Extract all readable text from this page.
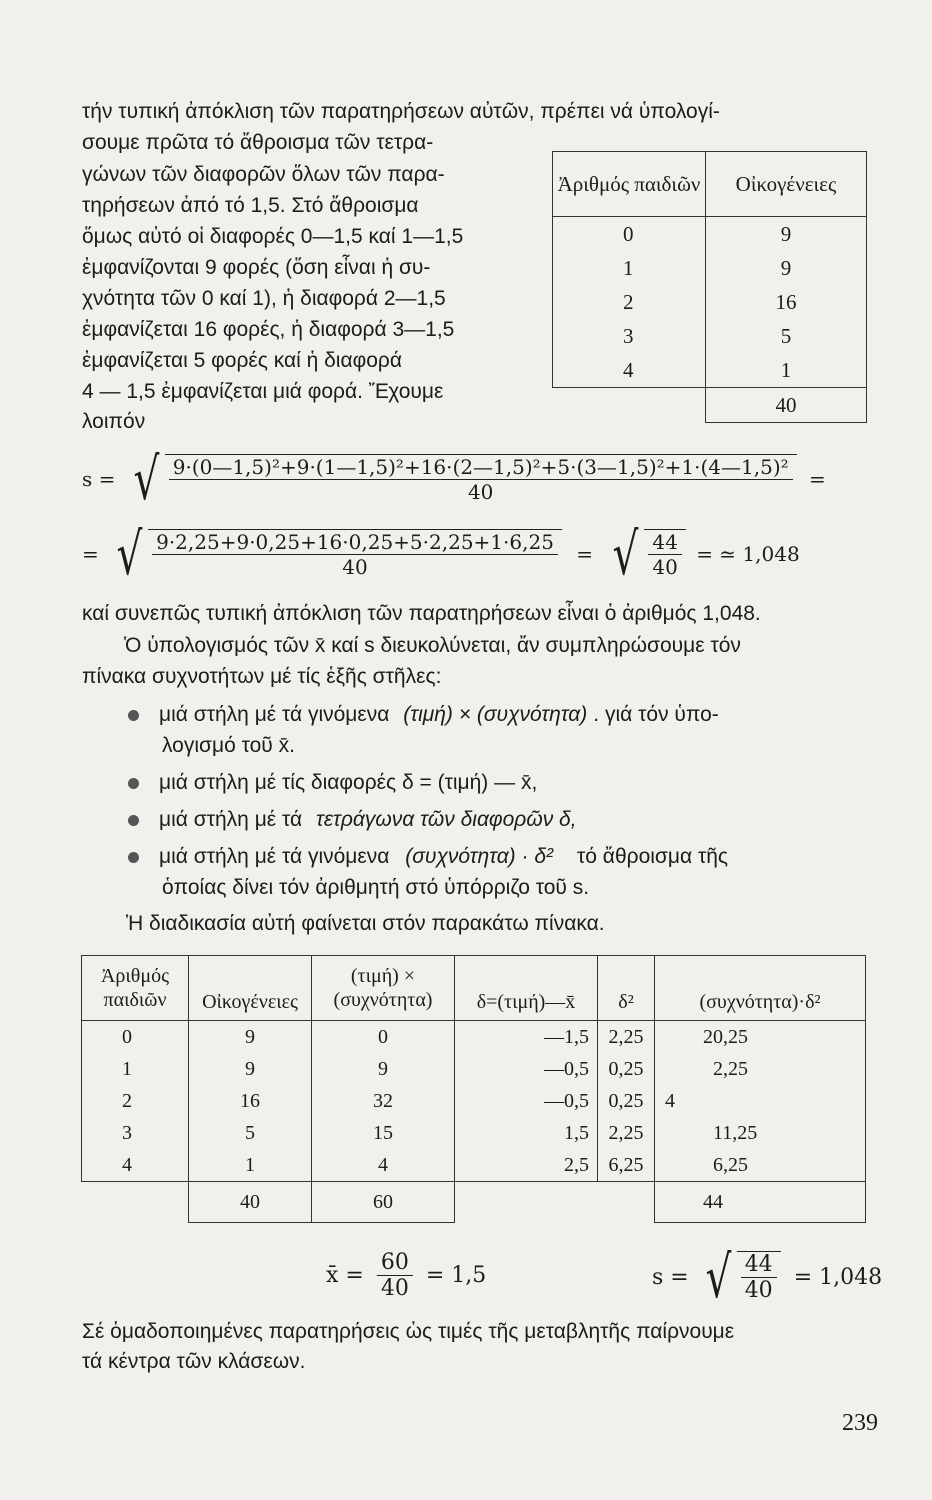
τήν τυπική ἀπόκλιση τῶν παρατηρήσεων αὐτῶν, πρέπει νά ὑπολογί-
σουμε πρῶτα τό ἄθροισμα τῶν τετρα-
γώνων τῶν διαφορῶν ὅλων τῶν παρα-
τηρήσεων ἀπό τό 1,5. Στό ἄθροισμα
ὅμως αὐτό οἱ διαφορές 0—1,5 καί 1—1,5
ἐμφανίζονται 9 φορές (ὅση εἶναι ἡ συ-
χνότητα τῶν 0 καί 1), ἡ διαφορά 2—1,5
ἐμφανίζεται 16 φορές, ἡ διαφορά 3—1,5
ἐμφανίζεται 5 φορές καί ἡ διαφορά
4 — 1,5 ἐμφανίζεται μιά φορά. Ἔχουμε
λοιπόν
Ἀριθμός παιδιῶν	Οἰκογένειες
0	9
1	9
2	16
3	5
4	1
	40
s = √ $\frac{\text{9·(0—1,5)²+9·(1—1,5)²+16·(2—1,5)²+5·(3—1,5)²+1·(4—1,5)²}}{40}$ =
= √ $\frac{9\cdot 2,25+9\cdot 0,25+16\cdot 0,25+5\cdot 2,25+1\cdot 6,25}{40}$ = √ $\frac{44}{40}$ = ≃ 1,048
καί συνεπῶς τυπική ἀπόκλιση τῶν παρατηρήσεων εἶναι ὁ ἀριθμός 1,048.
Ὁ ὑπολογισμός τῶν x̄ καί s διευκολύνεται, ἄν συμπληρώσουμε τόν
πίνακα συχνοτήτων μέ τίς ἑξῆς στῆλες:
μιά στήλη μέ τά γινόμενα (τιμή) × (συχνότητα) . γιά τόν ὑπο-
λογισμό τοῦ x̄.
μιά στήλη μέ τίς διαφορές δ = (τιμή) — x̄,
μιά στήλη μέ τά τετράγωνα τῶν διαφορῶν δ,
μιά στήλη μέ τά γινόμενα (συχνότητα) · δ² τό ἄθροισμα τῆς
ὁποίας δίνει τόν ἀριθμητή στό ὑπόρριζο τοῦ s.
Ἡ διαδικασία αὐτή φαίνεται στόν παρακάτω πίνακα.
Ἀριθμός παιδιῶν	Οἰκογένειες	(τιμή) × (συχνότητα)	δ=(τιμή)—x̄	δ²	(συχνότητα)·δ²
0	9	0	—1,5	2,25	20,25
1	9	9	—0,5	0,25	2,25
2	16	32	—0,5	0,25	4
3	5	15	1,5	2,25	11,25
4	1	4	2,5	6,25	6,25
	40	60			44
x̄ = $\frac{60}{40} = 1,5$	s = √ $\frac{44}{40} = 1,048$
Σέ ὁμαδοποιημένες παρατηρήσεις ὡς τιμές τῆς μεταβλητῆς παίρνουμε
τά κέντρα τῶν κλάσεων.
239
